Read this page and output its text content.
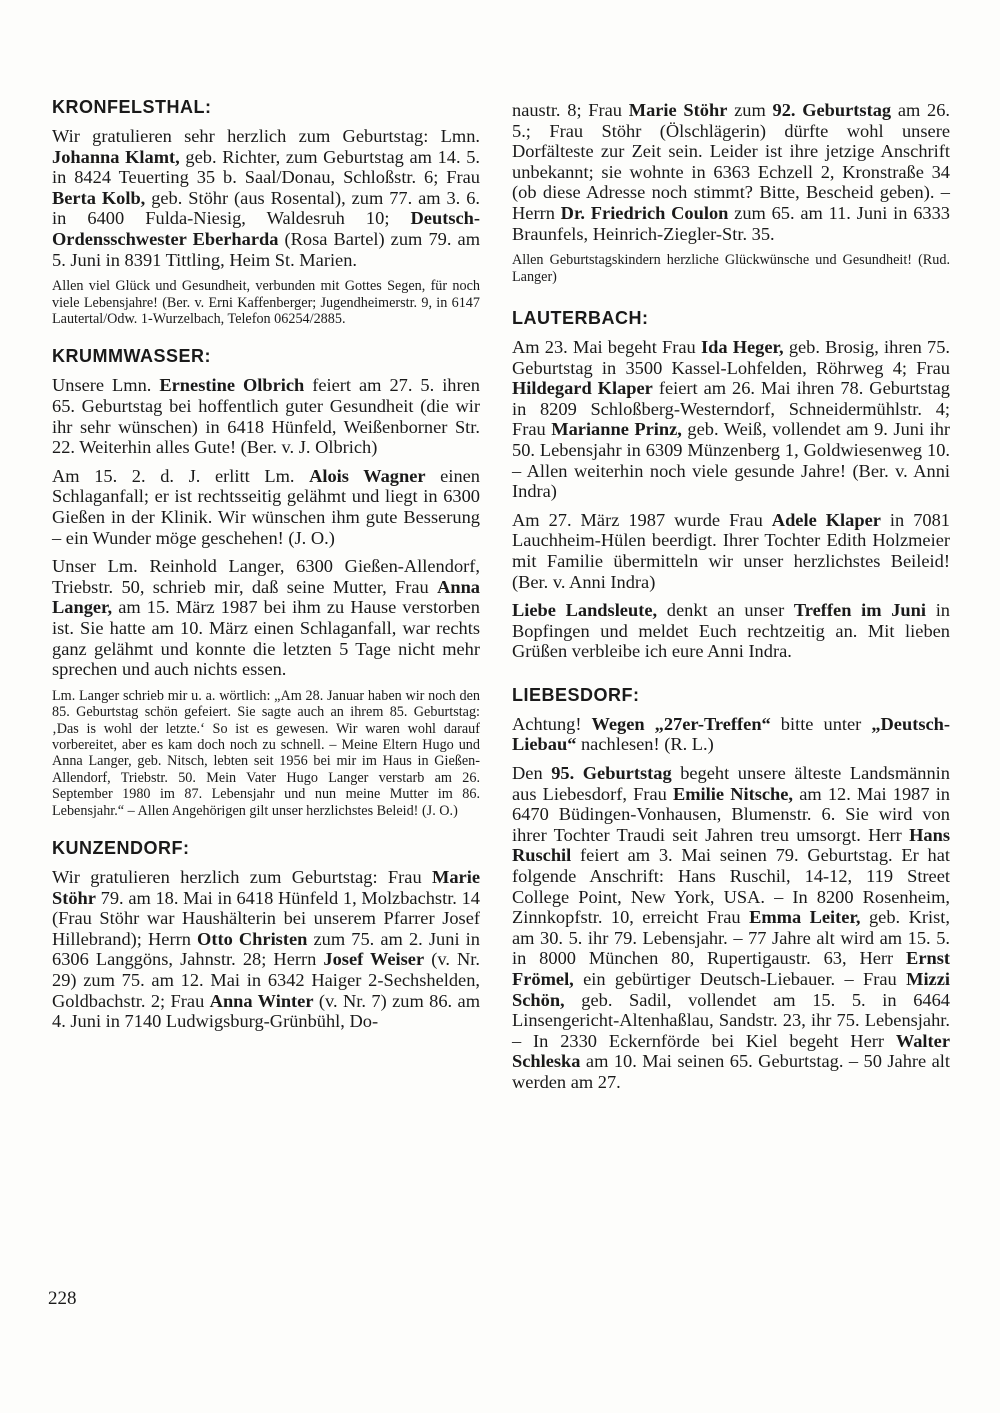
KRONFELSTHAL:

Wir gratulieren sehr herzlich zum Geburtstag: Lmn. Johanna Klamt, geb. Richter, zum Geburtstag am 14. 5. in 8424 Teuerting 35 b. Saal/Donau, Schloßstr. 6; Frau Berta Kolb, geb. Stöhr (aus Rosental), zum 77. am 3. 6. in 6400 Fulda-Niesig, Waldesruh 10; Deutsch-Ordensschwester Eberharda (Rosa Bartel) zum 79. am 5. Juni in 8391 Tittling, Heim St. Marien.

Allen viel Glück und Gesundheit, verbunden mit Gottes Segen, für noch viele Lebensjahre! (Ber. v. Erni Kaffenberger; Jugendheimerstr. 9, in 6147 Lautertal/Odw. 1-Wurzelbach, Telefon 06254/2885.

KRUMMWASSER:

Unsere Lmn. Ernestine Olbrich feiert am 27. 5. ihren 65. Geburtstag bei hoffentlich guter Gesundheit (die wir ihr sehr wünschen) in 6418 Hünfeld, Weißenborner Str. 22. Weiterhin alles Gute! (Ber. v. J. Olbrich)

Am 15. 2. d. J. erlitt Lm. Alois Wagner einen Schlaganfall; er ist rechtsseitig gelähmt und liegt in 6300 Gießen in der Klinik. Wir wünschen ihm gute Besserung – ein Wunder möge geschehen! (J. O.)

Unser Lm. Reinhold Langer, 6300 Gießen-Allendorf, Triebstr. 50, schrieb mir, daß seine Mutter, Frau Anna Langer, am 15. März 1987 bei ihm zu Hause verstorben ist. Sie hatte am 10. März einen Schlaganfall, war rechts ganz gelähmt und konnte die letzten 5 Tage nicht mehr sprechen und auch nichts essen.

Lm. Langer schrieb mir u. a. wörtlich: „Am 28. Januar haben wir noch den 85. Geburtstag schön gefeiert. Sie sagte auch an ihrem 85. Geburtstag: ‚Das is wohl der letzte.‘ So ist es gewesen. Wir waren wohl darauf vorbereitet, aber es kam doch noch zu schnell. – Meine Eltern Hugo und Anna Langer, geb. Nitsch, lebten seit 1956 bei mir im Haus in Gießen-Allendorf, Triebstr. 50. Mein Vater Hugo Langer verstarb am 26. September 1980 im 87. Lebensjahr und nun meine Mutter im 86. Lebensjahr.“ – Allen Angehörigen gilt unser herzlichstes Beleid! (J. O.)

KUNZENDORF:

Wir gratulieren herzlich zum Geburtstag: Frau Marie Stöhr 79. am 18. Mai in 6418 Hünfeld 1, Molzbachstr. 14 (Frau Stöhr war Haushälterin bei unserem Pfarrer Josef Hillebrand); Herrn Otto Christen zum 75. am 2. Juni in 6306 Langgöns, Jahnstr. 28; Herrn Josef Weiser (v. Nr. 29) zum 75. am 12. Mai in 6342 Haiger 2-Sechshelden, Goldbachstr. 2; Frau Anna Winter (v. Nr. 7) zum 86. am 4. Juni in 7140 Ludwigsburg-Grünbühl, Do-

naustr. 8; Frau Marie Stöhr zum 92. Geburtstag am 26. 5.; Frau Stöhr (Ölschlägerin) dürfte wohl unsere Dorfälteste zur Zeit sein. Leider ist ihre jetzige Anschrift unbekannt; sie wohnte in 6363 Echzell 2, Kronstraße 34 (ob diese Adresse noch stimmt? Bitte, Bescheid geben). – Herrn Dr. Friedrich Coulon zum 65. am 11. Juni in 6333 Braunfels, Heinrich-Ziegler-Str. 35.

Allen Geburtstagskindern herzliche Glückwünsche und Gesundheit! (Rud. Langer)

LAUTERBACH:

Am 23. Mai begeht Frau Ida Heger, geb. Brosig, ihren 75. Geburtstag in 3500 Kassel-Lohfelden, Röhrweg 4; Frau Hildegard Klaper feiert am 26. Mai ihren 78. Geburtstag in 8209 Schloßberg-Westerndorf, Schneidermühlstr. 4; Frau Marianne Prinz, geb. Weiß, vollendet am 9. Juni ihr 50. Lebensjahr in 6309 Münzenberg 1, Goldwiesenweg 10. – Allen weiterhin noch viele gesunde Jahre! (Ber. v. Anni Indra)

Am 27. März 1987 wurde Frau Adele Klaper in 7081 Lauchheim-Hülen beerdigt. Ihrer Tochter Edith Holzmeier mit Familie übermitteln wir unser herzlichstes Beileid! (Ber. v. Anni Indra)

Liebe Landsleute, denkt an unser Treffen im Juni in Bopfingen und meldet Euch rechtzeitig an. Mit lieben Grüßen verbleibe ich eure Anni Indra.

LIEBESDORF:

Achtung! Wegen „27er-Treffen“ bitte unter „Deutsch-Liebau“ nachlesen! (R. L.)

Den 95. Geburtstag begeht unsere älteste Landsmännin aus Liebesdorf, Frau Emilie Nitsche, am 12. Mai 1987 in 6470 Büdingen-Vonhausen, Blumenstr. 6. Sie wird von ihrer Tochter Traudi seit Jahren treu umsorgt. Herr Hans Ruschil feiert am 3. Mai seinen 79. Geburtstag. Er hat folgende Anschrift: Hans Ruschil, 14-12, 119 Street College Point, New York, USA. – In 8200 Rosenheim, Zinnkopfstr. 10, erreicht Frau Emma Leiter, geb. Krist, am 30. 5. ihr 79. Lebensjahr. – 77 Jahre alt wird am 15. 5. in 8000 München 80, Rupertigaustr. 63, Herr Ernst Frömel, ein gebürtiger Deutsch-Liebauer. – Frau Mizzi Schön, geb. Sadil, vollendet am 15. 5. in 6464 Linsengericht-Altenhaßlau, Sandstr. 23, ihr 75. Lebensjahr. – In 2330 Eckernförde bei Kiel begeht Herr Walter Schleska am 10. Mai seinen 65. Geburtstag. – 50 Jahre alt werden am 27.

228
